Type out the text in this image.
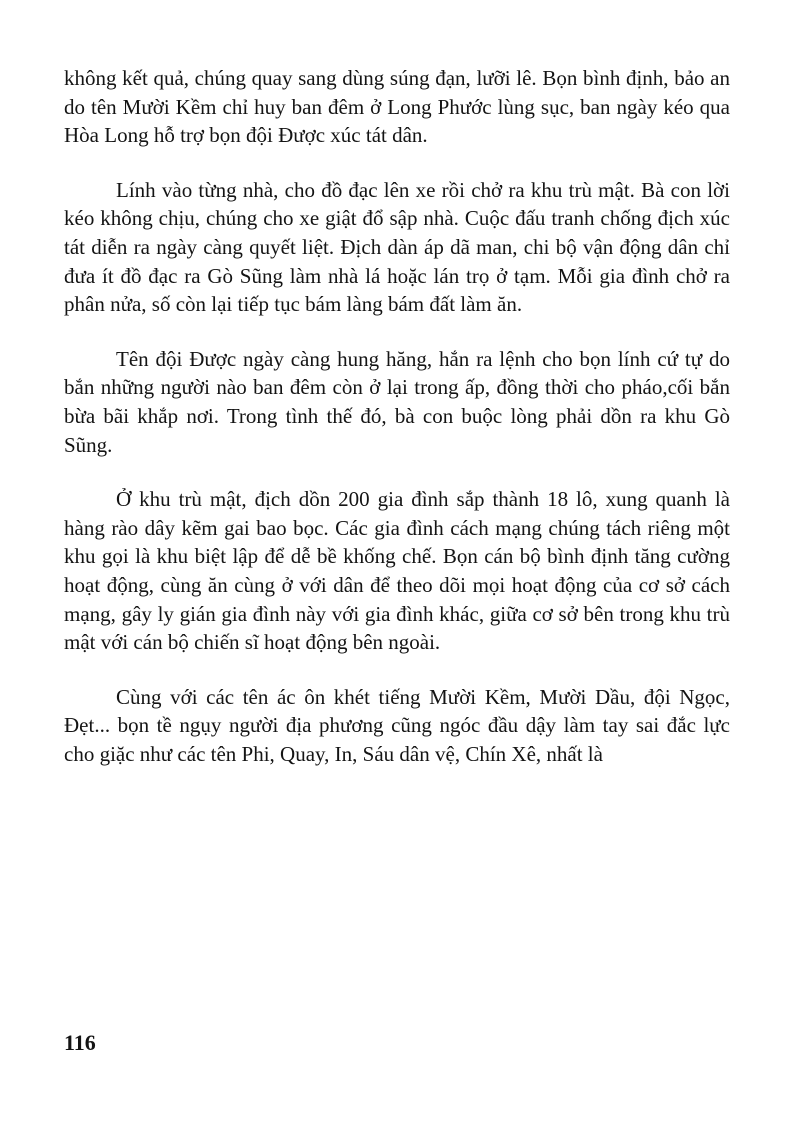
không kết quả, chúng quay sang dùng súng đạn, lưỡi lê. Bọn bình định, bảo an do tên Mười Kềm chỉ huy ban đêm ở Long Phước lùng sục, ban ngày kéo qua Hòa Long hỗ trợ bọn đội Được xúc tát dân.

Lính vào từng nhà, cho đồ đạc lên xe rồi chở ra khu trù mật. Bà con lời kéo không chịu, chúng cho xe giật đổ sập nhà. Cuộc đấu tranh chống địch xúc tát diễn ra ngày càng quyết liệt. Địch dàn áp dã man, chi bộ vận động dân chỉ đưa ít đồ đạc ra Gò Sũng làm nhà lá hoặc lán trọ ở tạm. Mỗi gia đình chở ra phân nửa, số còn lại tiếp tục bám làng bám đất làm ăn.

Tên đội Được ngày càng hung hăng, hắn ra lệnh cho bọn lính cứ tự do bắn những người nào ban đêm còn ở lại trong ấp, đồng thời cho pháo,cối bắn bừa bãi khắp nơi. Trong tình thế đó, bà con buộc lòng phải dồn ra khu Gò Sũng.

Ở khu trù mật, địch dồn 200 gia đình sắp thành 18 lô, xung quanh là hàng rào dây kẽm gai bao bọc. Các gia đình cách mạng chúng tách riêng một khu gọi là khu biệt lập để dễ bề khống chế. Bọn cán bộ bình định tăng cường hoạt động, cùng ăn cùng ở với dân để theo dõi mọi hoạt động của cơ sở cách mạng, gây ly gián gia đình này với gia đình khác, giữa cơ sở bên trong khu trù mật với cán bộ chiến sĩ hoạt động bên ngoài.

Cùng với các tên ác ôn khét tiếng Mười Kềm, Mười Dầu, đội Ngọc, Đẹt... bọn tề ngụy người địa phương cũng ngóc đầu dậy làm tay sai đắc lực cho giặc như các tên Phi, Quay, In, Sáu dân vệ, Chín Xê, nhất là

116
